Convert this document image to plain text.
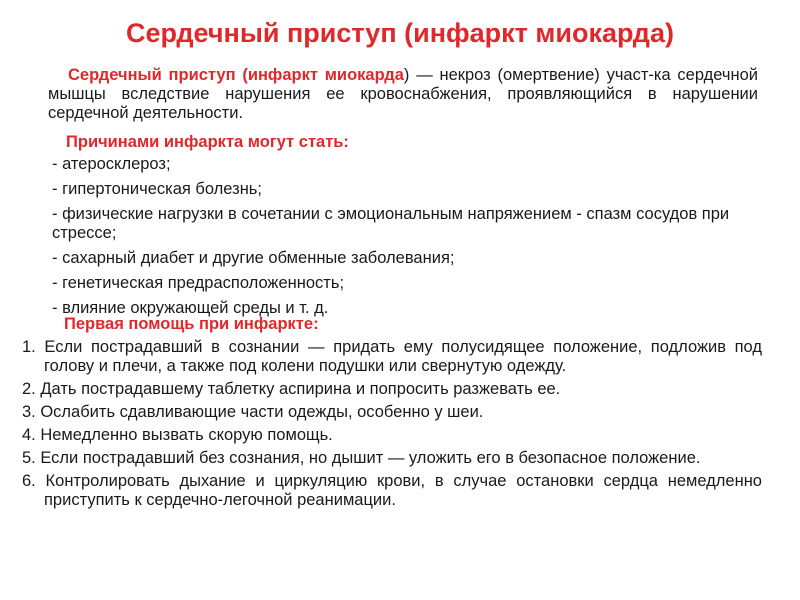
Сердечный приступ (инфаркт миокарда)
Сердечный приступ (инфаркт миокарда) — некроз (омертвение) участ-ка сердечной мышцы вследствие нарушения ее кровоснабжения, проявляющийся в нарушении сердечной деятельности.
Причинами инфаркта могут стать:
- атеросклероз;
- гипертоническая болезнь;
- физические нагрузки в сочетании с эмоциональным напряжением - спазм сосудов при стрессе;
- сахарный диабет и другие обменные заболевания;
- генетическая предрасположенность;
- влияние окружающей среды и т. д.
Первая помощь при инфаркте:
1. Если пострадавший в сознании — придать ему полусидящее положение, подложив под голову и плечи, а также под колени подушки или свернутую одежду.
2. Дать пострадавшему таблетку аспирина и попросить разжевать ее.
3. Ослабить сдавливающие части одежды, особенно у шеи.
4. Немедленно вызвать скорую помощь.
5. Если пострадавший без сознания, но дышит — уложить его в безопасное положение.
6. Контролировать дыхание и циркуляцию крови, в случае остановки сердца немедленно приступить к сердечно-легочной реанимации.
